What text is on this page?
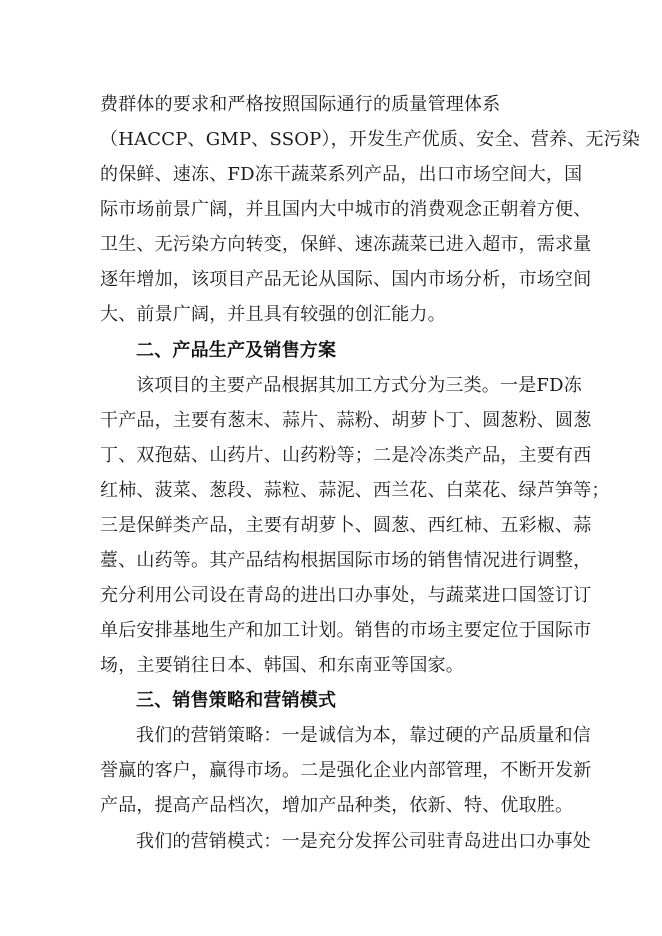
费群体的要求和严格按照国际通行的质量管理体系
（HACCP、GMP、SSOP），开发生产优质、安全、营养、无污染
的保鲜、速冻、FD冻干蔬菜系列产品，出口市场空间大，国
际市场前景广阔，并且国内大中城市的消费观念正朝着方便、
卫生、无污染方向转变，保鲜、速冻蔬菜已进入超市，需求量
逐年增加，该项目产品无论从国际、国内市场分析，市场空间
大、前景广阔，并且具有较强的创汇能力。
二、产品生产及销售方案
该项目的主要产品根据其加工方式分为三类。一是FD冻
干产品，主要有葱末、蒜片、蒜粉、胡萝卜丁、圆葱粉、圆葱
丁、双孢菇、山药片、山药粉等；二是冷冻类产品，主要有西
红柿、菠菜、葱段、蒜粒、蒜泥、西兰花、白菜花、绿芦笋等；
三是保鲜类产品，主要有胡萝卜、圆葱、西红柿、五彩椒、蒜
薹、山药等。其产品结构根据国际市场的销售情况进行调整，
充分利用公司设在青岛的进出口办事处，与蔬菜进口国签订订
单后安排基地生产和加工计划。销售的市场主要定位于国际市
场，主要销往日本、韩国、和东南亚等国家。
三、销售策略和营销模式
我们的营销策略：一是诚信为本，靠过硬的产品质量和信
誉赢的客户，赢得市场。二是强化企业内部管理，不断开发新
产品，提高产品档次，增加产品种类，依新、特、优取胜。
我们的营销模式：一是充分发挥公司驻青岛进出口办事处
